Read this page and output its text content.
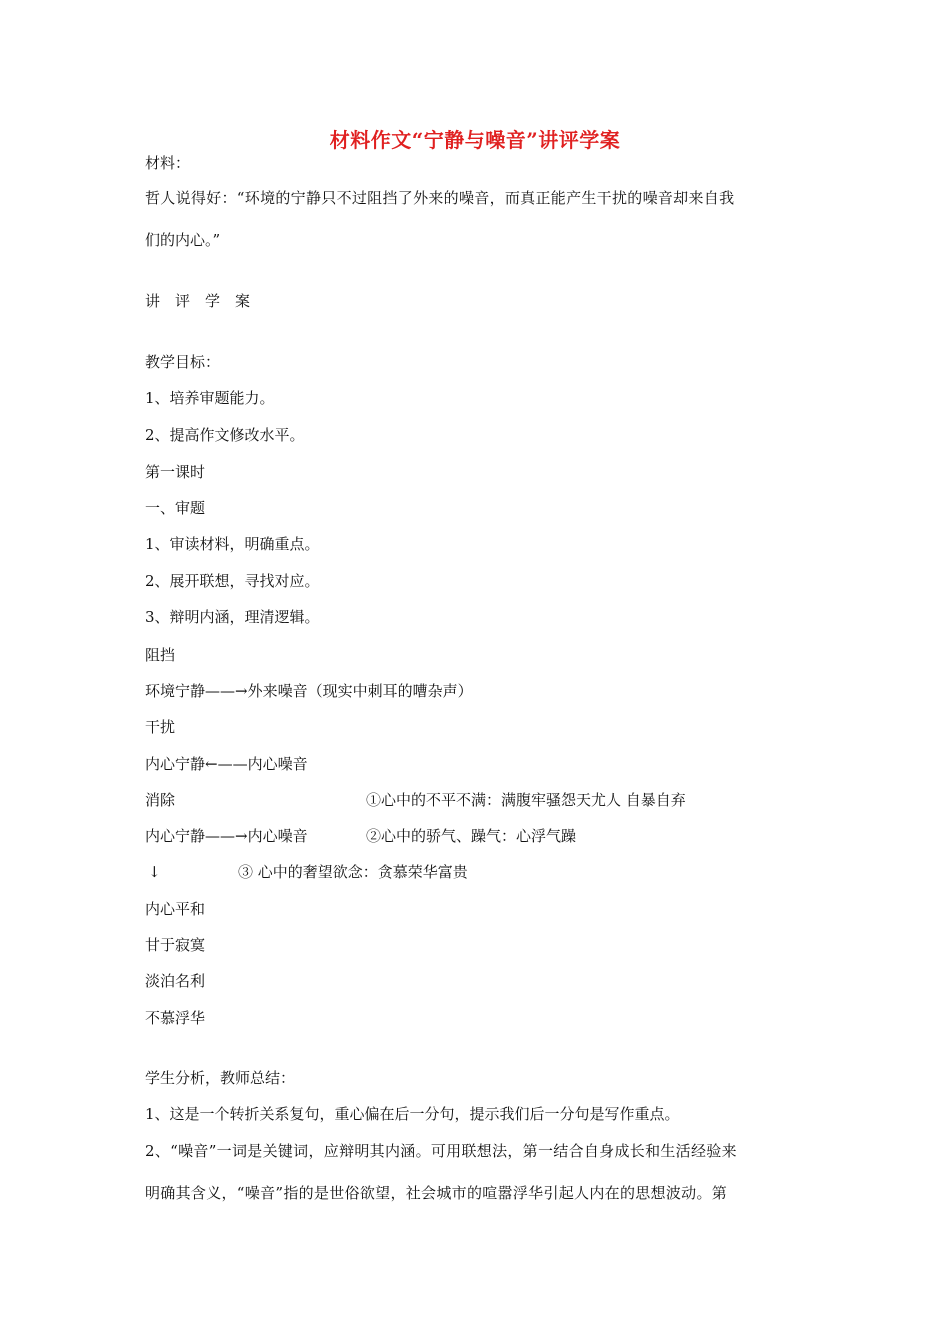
材料作文“宁静与噪音”讲评学案
材料：
哲人说得好：“环境的宁静只不过阻挡了外来的噪音，而真正能产生干扰的噪音却来自我
们的内心。”
讲　评　学　案
教学目标：
1、培养审题能力。
2、提高作文修改水平。
第一课时
一、审题
1、审读材料，明确重点。
2、展开联想，寻找对应。
3、辩明内涵，理清逻辑。
阻挡
环境宁静——→外来噪音（现实中刺耳的嘈杂声）
干扰
内心宁静←——内心噪音
消除	①心中的不平不满：满腹牢骚怨天尤人 自暴自弃
内心宁静——→内心噪音	②心中的骄气、躁气：心浮气躁
↓	③ 心中的奢望欲念：贪慕荣华富贵
内心平和
甘于寂寞
淡泊名利
不慕浮华
学生分析，教师总结：
1、这是一个转折关系复句，重心偏在后一分句，提示我们后一分句是写作重点。
2、“噪音”一词是关键词，应辩明其内涵。可用联想法，第一结合自身成长和生活经验来
明确其含义，“噪音”指的是世俗欲望，社会城市的喧嚣浮华引起人内在的思想波动。第
